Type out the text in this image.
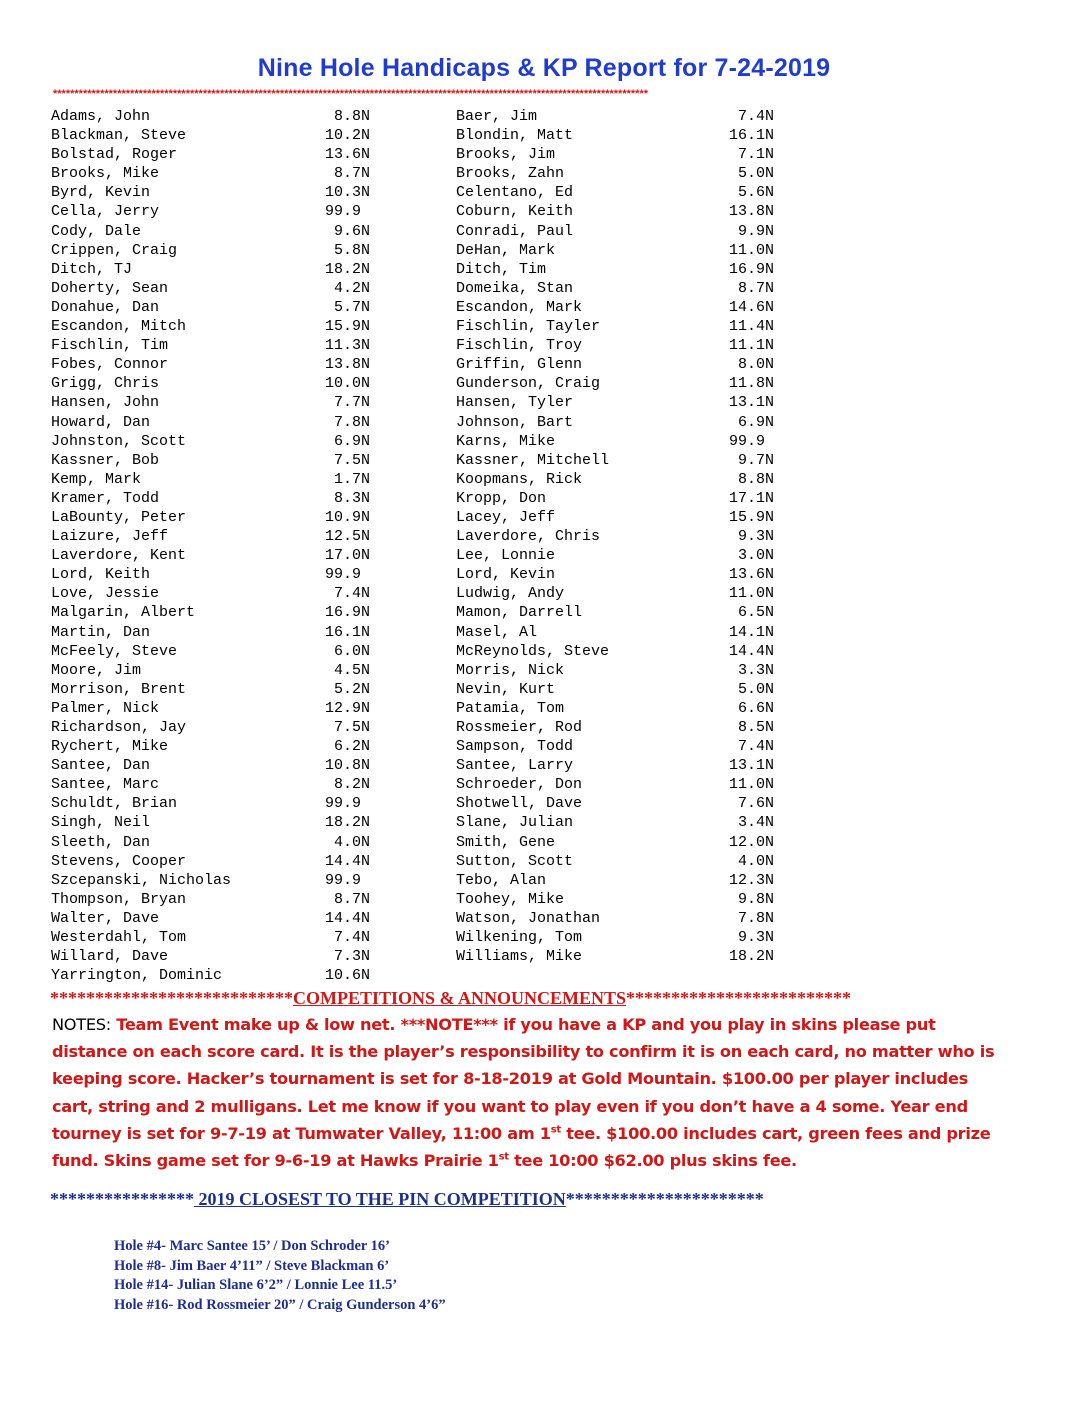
Nine Hole Handicaps & KP Report for 7-24-2019
*******************************************************************************************************************************************
Adams, John	8.8N
Blackman, Steve	10.2N
Bolstad, Roger	13.6N
Brooks, Mike	8.7N
Byrd, Kevin	10.3N
Cella, Jerry	99.9
Cody, Dale	9.6N
Crippen, Craig	5.8N
Ditch, TJ	18.2N
Doherty, Sean	4.2N
Donahue, Dan	5.7N
Escandon, Mitch	15.9N
Fischlin, Tim	11.3N
Fobes, Connor	13.8N
Grigg, Chris	10.0N
Hansen, John	7.7N
Howard, Dan	7.8N
Johnston, Scott	6.9N
Kassner, Bob	7.5N
Kemp, Mark	1.7N
Kramer, Todd	8.3N
LaBounty, Peter	10.9N
Laizure, Jeff	12.5N
Laverdore, Kent	17.0N
Lord, Keith	99.9
Love, Jessie	7.4N
Malgarin, Albert	16.9N
Martin, Dan	16.1N
McFeely, Steve	6.0N
Moore, Jim	4.5N
Morrison, Brent	5.2N
Palmer, Nick	12.9N
Richardson, Jay	7.5N
Rychert, Mike	6.2N
Santee, Dan	10.8N
Santee, Marc	8.2N
Schuldt, Brian	99.9
Singh, Neil	18.2N
Sleeth, Dan	4.0N
Stevens, Cooper	14.4N
Szcepanski, Nicholas	99.9
Thompson, Bryan	8.7N
Walter, Dave	14.4N
Westerdahl, Tom	7.4N
Willard, Dave	7.3N
Yarrington, Dominic	10.6N
Baer, Jim	7.4N
Blondin, Matt	16.1N
Brooks, Jim	7.1N
Brooks, Zahn	5.0N
Celentano, Ed	5.6N
Coburn, Keith	13.8N
Conradi, Paul	9.9N
DeHan, Mark	11.0N
Ditch, Tim	16.9N
Domeika, Stan	8.7N
Escandon, Mark	14.6N
Fischlin, Tayler	11.4N
Fischlin, Troy	11.1N
Griffin, Glenn	8.0N
Gunderson, Craig	11.8N
Hansen, Tyler	13.1N
Johnson, Bart	6.9N
Karns, Mike	99.9
Kassner, Mitchell	9.7N
Koopmans, Rick	8.8N
Kropp, Don	17.1N
Lacey, Jeff	15.9N
Laverdore, Chris	9.3N
Lee, Lonnie	3.0N
Lord, Kevin	13.6N
Ludwig, Andy	11.0N
Mamon, Darrell	6.5N
Masel, Al	14.1N
McReynolds, Steve	14.4N
Morris, Nick	3.3N
Nevin, Kurt	5.0N
Patamia, Tom	6.6N
Rossmeier, Rod	8.5N
Sampson, Todd	7.4N
Santee, Larry	13.1N
Schroeder, Don	11.0N
Shotwell, Dave	7.6N
Slane, Julian	3.4N
Smith, Gene	12.0N
Sutton, Scott	4.0N
Tebo, Alan	12.3N
Toohey, Mike	9.8N
Watson, Jonathan	7.8N
Wilkening, Tom	9.3N
Williams, Mike	18.2N
***************************COMPETITIONS & ANNOUNCEMENTS*************************
NOTES: Team Event make up & low net. ***NOTE*** if you have a KP and you play in skins please put distance on each score card. It is the player’s responsibility to confirm it is on each card, no matter who is keeping score. Hacker’s tournament is set for 8-18-2019 at Gold Mountain. $100.00 per player includes cart, string and 2 mulligans. Let me know if you want to play even if you don’t have a 4 some. Year end tourney is set for 9-7-19 at Tumwater Valley, 11:00 am 1st tee. $100.00 includes cart, green fees and prize fund. Skins game set for 9-6-19 at Hawks Prairie 1st tee 10:00 $62.00 plus skins fee.
**************** 2019 CLOSEST TO THE PIN COMPETITION**********************
Hole #4- Marc Santee 15’ / Don Schroder 16’
Hole #8- Jim Baer 4’11” / Steve Blackman 6’
Hole #14- Julian Slane 6’2” / Lonnie Lee 11.5’
Hole #16- Rod Rossmeier 20” / Craig Gunderson 4’6”
